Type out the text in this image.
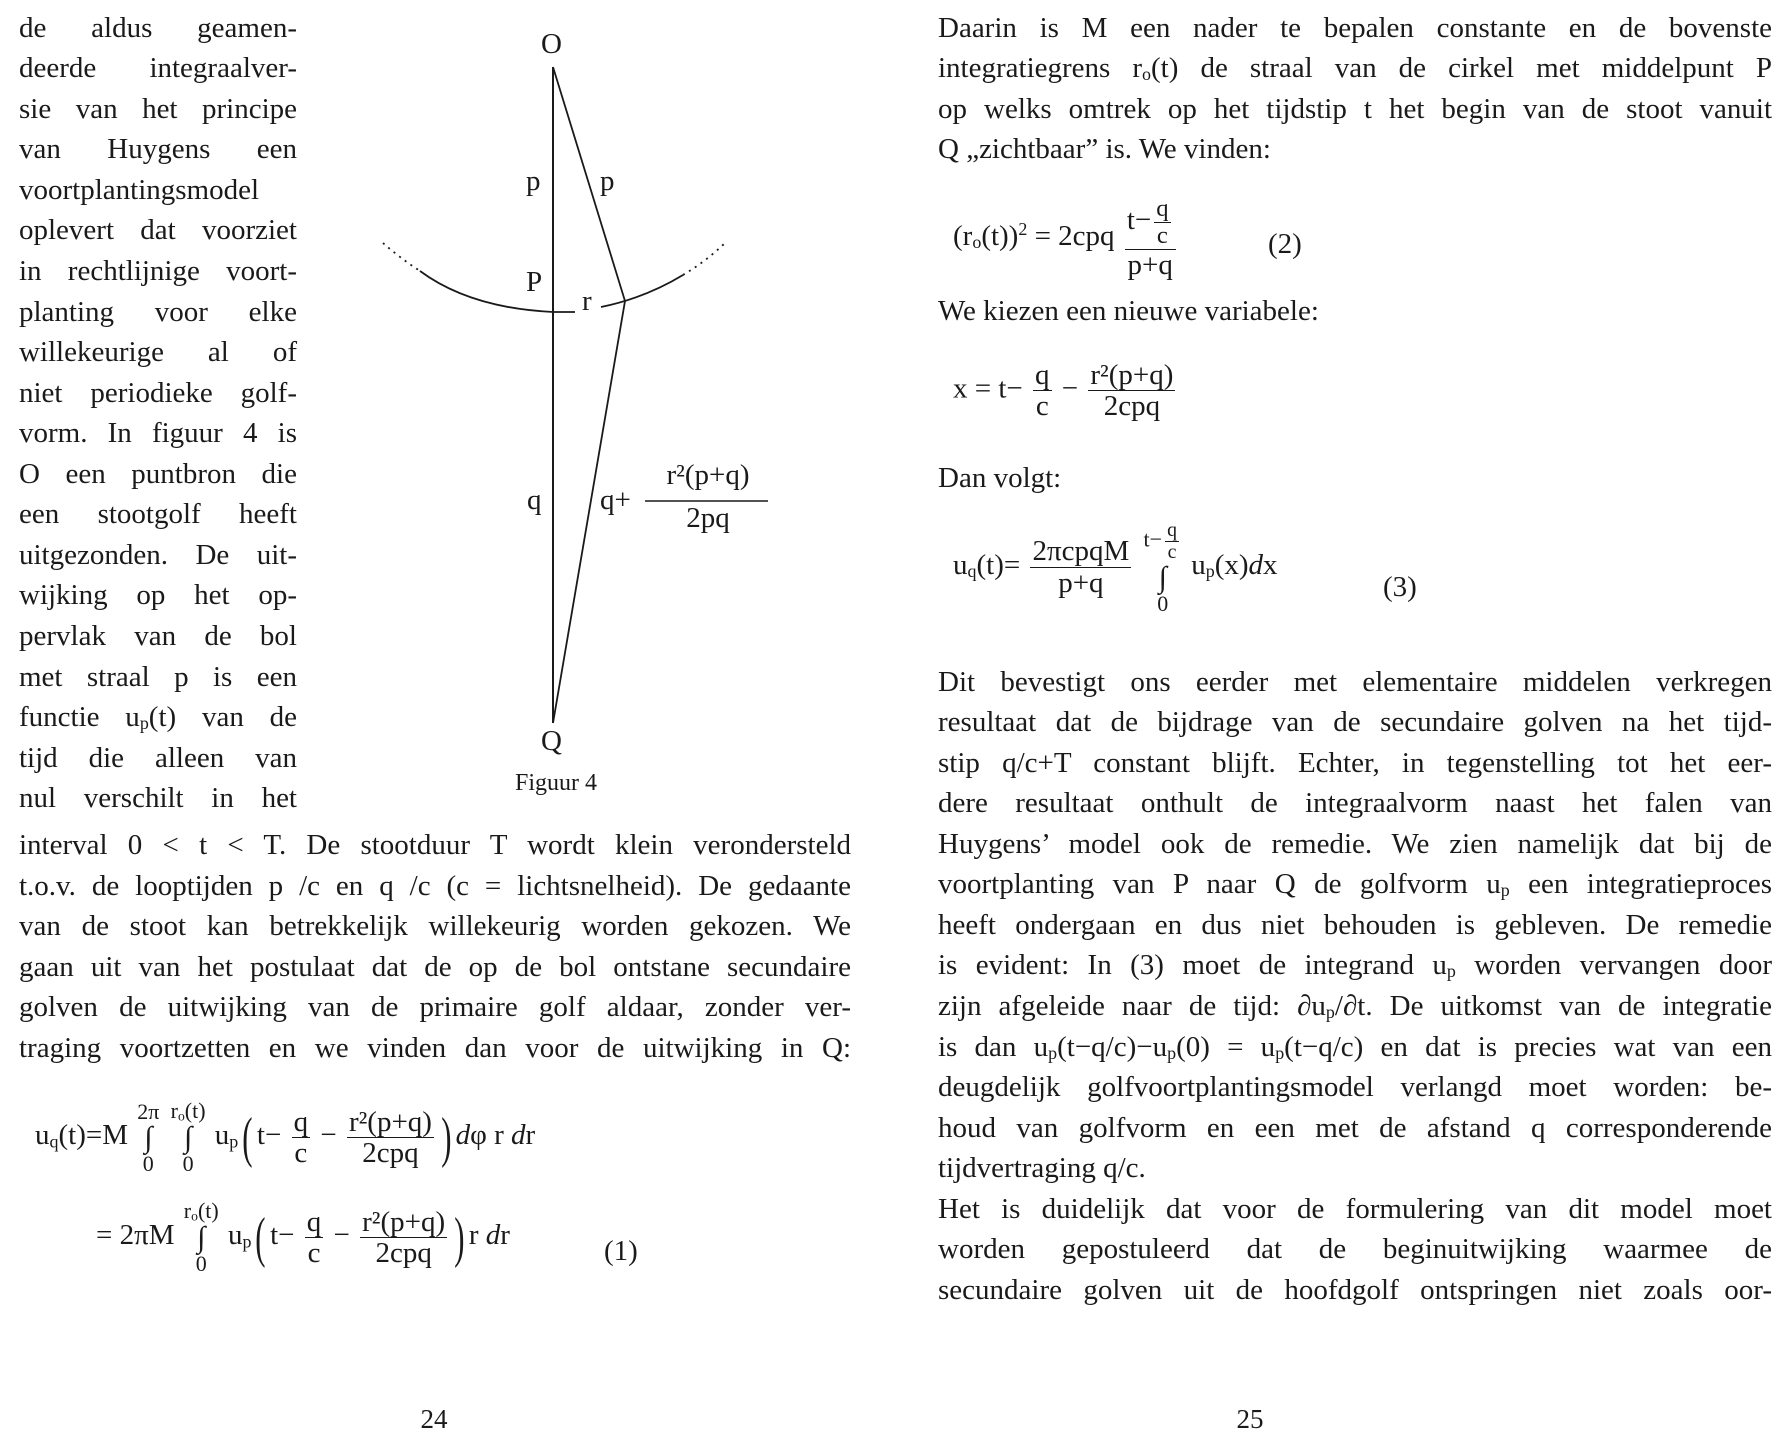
de aldus geamen-
deerde integraalver-
sie van het principe
van Huygens een
voortplantingsmodel
oplevert dat voorziet
in rechtlijnige voort-
planting voor elke
willekeurige al of
niet periodieke golf-
vorm. In figuur 4 is
O een puntbron die
een stootgolf heeft
uitgezonden. De uit-
wijking op het op-
pervlak van de bol
met straal p is een
functie up(t) van de
tijd die alleen van
nul verschilt in het
O
p p
P
r
q q+
r²(p+q)
2pq
Q
Figuur 4
interval 0 < t < T. De stootduur T wordt klein verondersteld
t.o.v. de looptijden p /c en q /c (c = lichtsnelheid). De gedaante
van de stoot kan betrekkelijk willekeurig worden gekozen. We
gaan uit van het postulaat dat de op de bol ontstane secundaire
golven de uitwijking van de primaire golf aldaar, zonder ver-
traging voortzetten en we vinden dan voor de uitwijking in Q:
uq(t)=M
2π
∫
0

ro(t)
∫
0
up( $t- \frac{q}{c} - \frac{\text{r²(p+q)}}{\text{2cpq}}$ ) dφ r dr
= 2πM
ro(t)
∫
0
up( $t- \frac{q}{c} - \frac{\text{r²(p+q)}}{\text{2cpq}}$ ) r dr	(1)
24
Daarin is M een nader te bepalen constante en de bovenste
integratiegrens ro(t) de straal van de cirkel met middelpunt P
op welks omtrek op het tijdstip t het begin van de stoot vanuit
Q „zichtbaar” is. We vinden:
$(ro(t))^2 = 2cpq \frac{t- \frac{q}{c}}{p+q}$	(2)
We kiezen een nieuwe variabele:
$x = t- \frac{q}{c} - \frac{\text{r²(p+q)}}{\text{2cpq}}$
Dan volgt:
$uq(t)= \frac{\text{2πcpqM}}{p+q}$
$t- \frac{q}{c}$
∫
0
up(x)dx
(3)
Dit bevestigt ons eerder met elementaire middelen verkregen
resultaat dat de bijdrage van de secundaire golven na het tijd-
stip q/c+T constant blijft. Echter, in tegenstelling tot het eer-
dere resultaat onthult de integraalvorm naast het falen van
Huygens’ model ook de remedie. We zien namelijk dat bij de
voortplanting van P naar Q de golfvorm up een integratieproces
heeft ondergaan en dus niet behouden is gebleven. De remedie
is evident: In (3) moet de integrand up worden vervangen door
zijn afgeleide naar de tijd: ∂up/∂t. De uitkomst van de integratie
is dan up(t−q/c)−up(0) = up(t−q/c) en dat is precies wat van een
deugdelijk golfvoortplantingsmodel verlangd moet worden: be-
houd van golfvorm en een met de afstand q corresponderende
tijdvertraging q/c.
Het is duidelijk dat voor de formulering van dit model moet
worden gepostuleerd dat de beginuitwijking waarmee de
secundaire golven uit de hoofdgolf ontspringen niet zoals oor-
25
